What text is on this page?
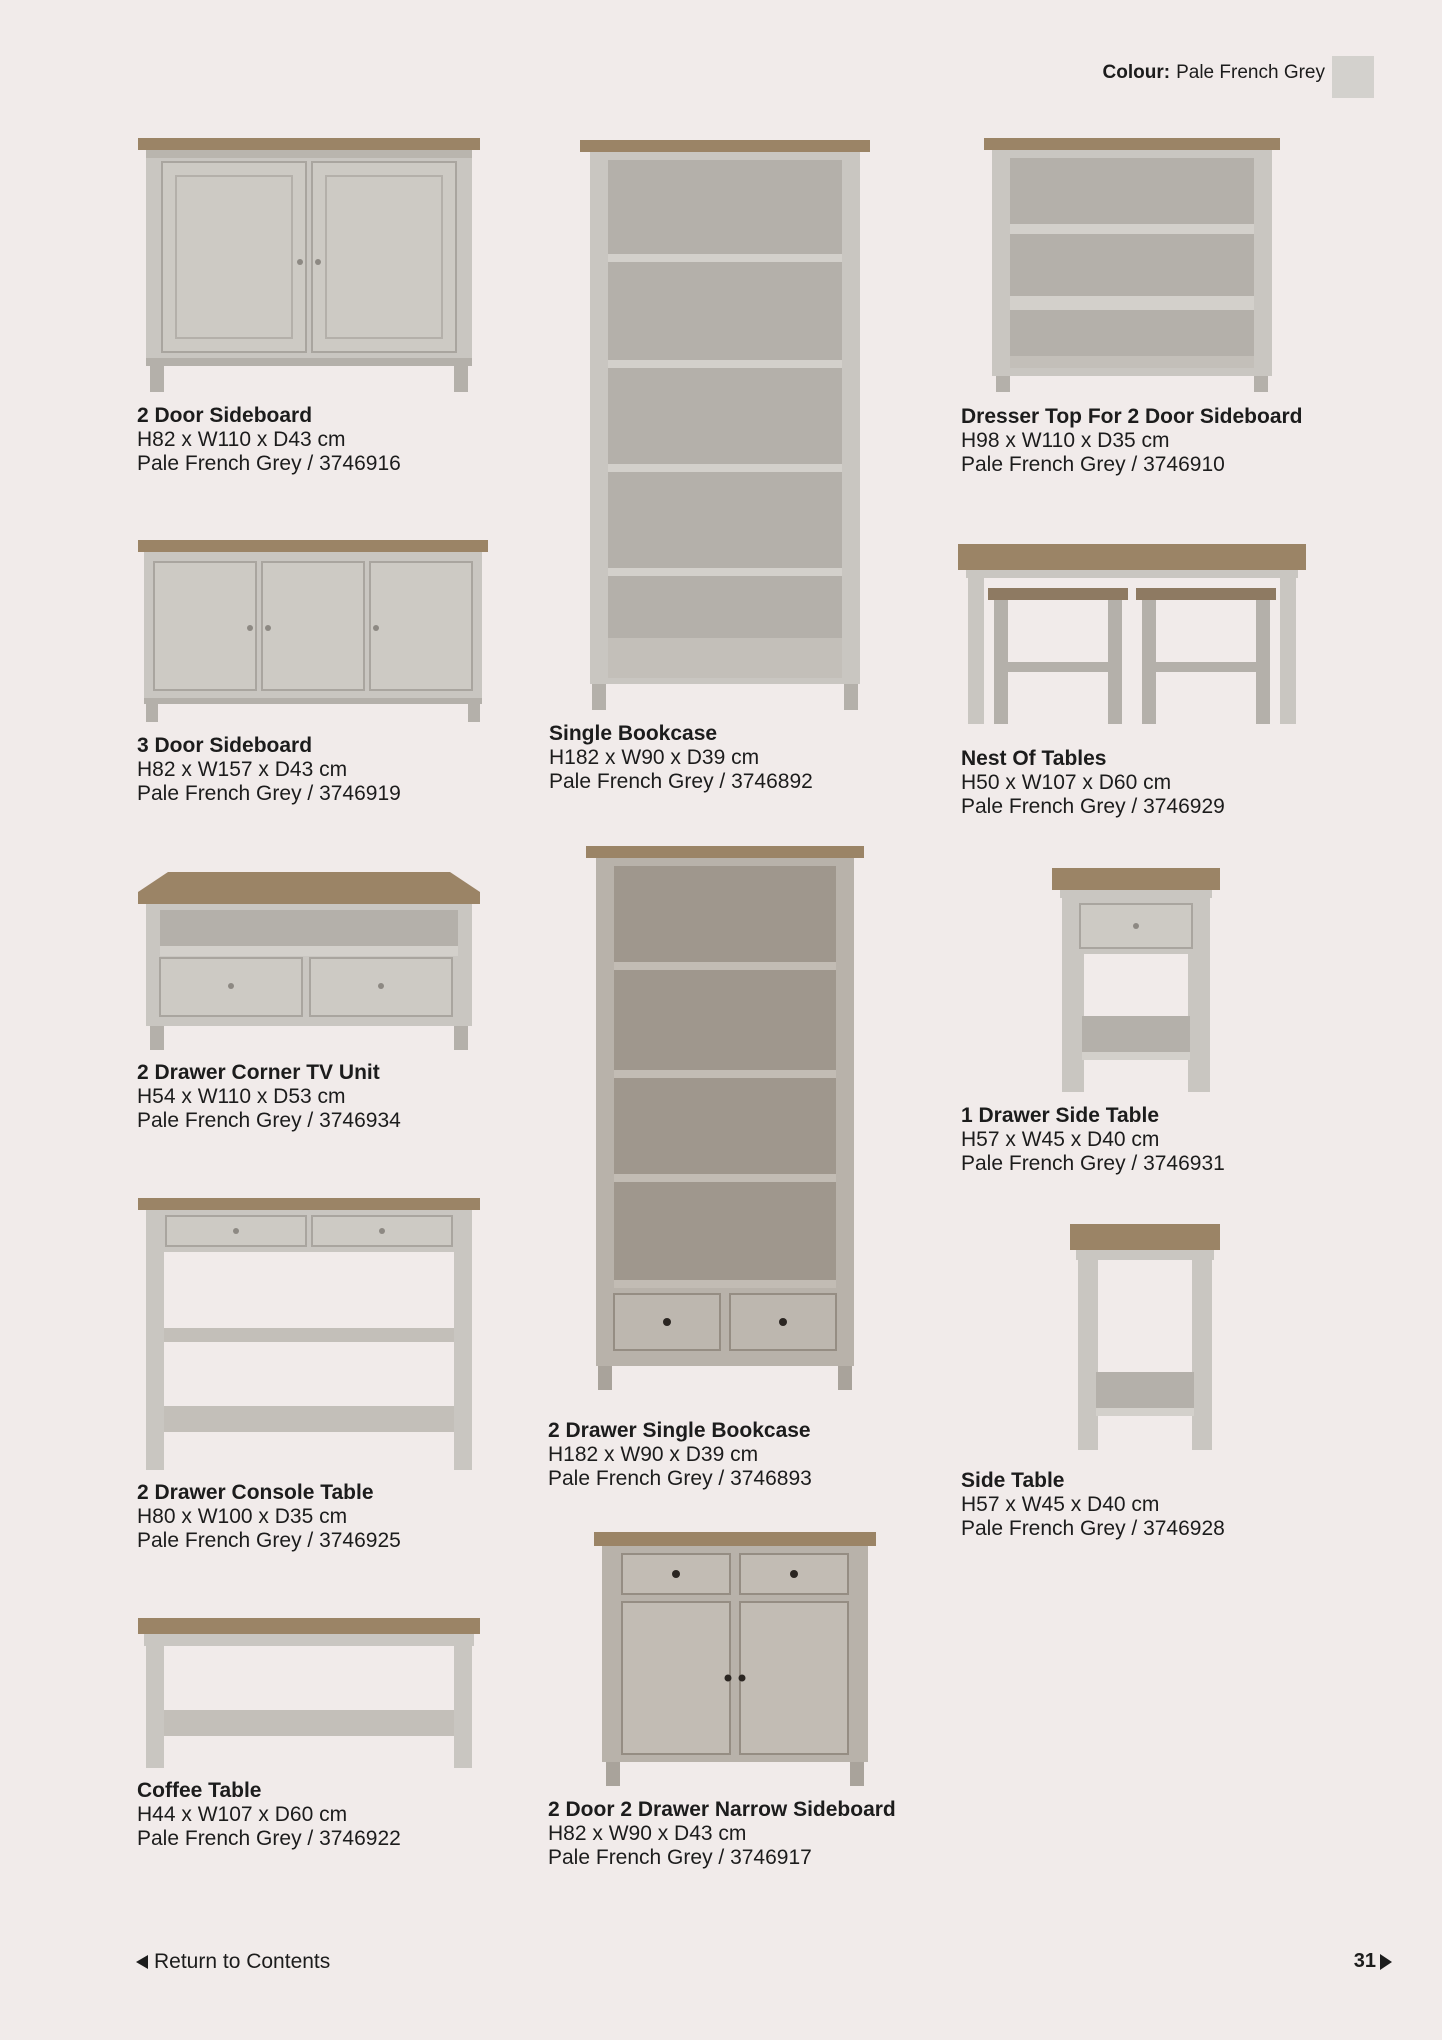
Colour: Pale French Grey
2 Door Sideboard
H82 x W110 x D43 cm
Pale French Grey / 3746916
Single Bookcase
H182 x W90 x D39 cm
Pale French Grey / 3746892
Dresser Top For 2 Door Sideboard
H98 x W110 x D35 cm
Pale French Grey / 3746910
3 Door Sideboard
H82 x W157 x D43 cm
Pale French Grey / 3746919
Nest Of Tables
H50 x W107 x D60 cm
Pale French Grey / 3746929
2 Drawer Corner TV Unit
H54 x W110 x D53 cm
Pale French Grey / 3746934
2 Drawer Single Bookcase
H182 x W90 x D39 cm
Pale French Grey / 3746893
1 Drawer Side Table
H57 x W45 x D40 cm
Pale French Grey / 3746931
2 Drawer Console Table
H80 x W100 x D35 cm
Pale French Grey / 3746925
Side Table
H57 x W45 x D40 cm
Pale French Grey / 3746928
Coffee Table
H44 x W107 x D60 cm
Pale French Grey / 3746922
2 Door 2 Drawer Narrow Sideboard
H82 x W90 x D43 cm
Pale French Grey / 3746917
Return to Contents	31
